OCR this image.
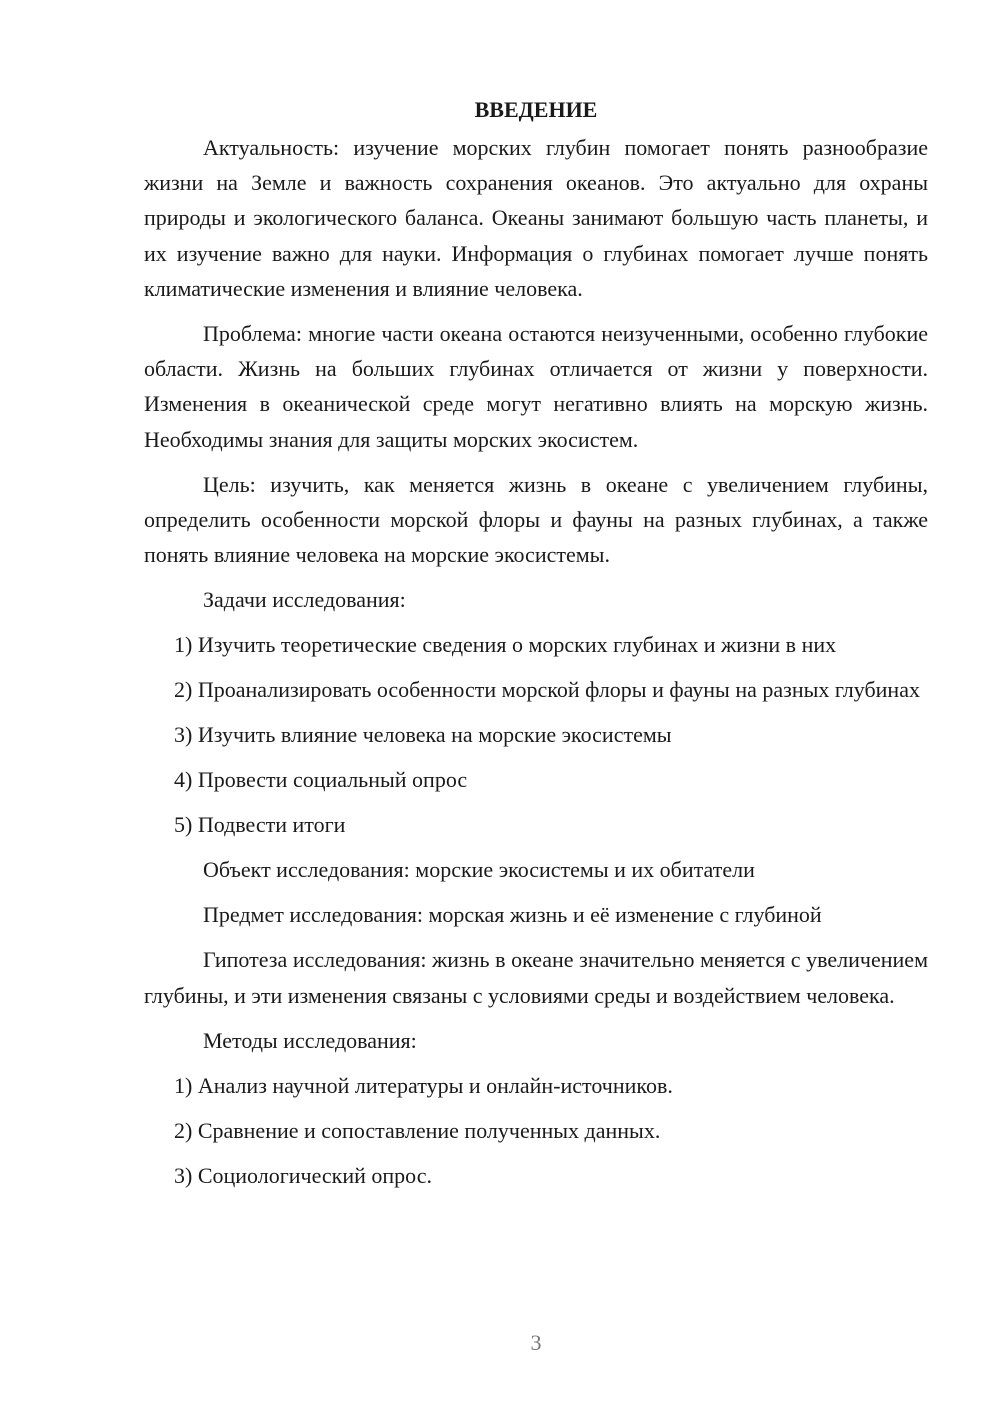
ВВЕДЕНИЕ
Актуальность: изучение морских глубин помогает понять разнообразие жизни на Земле и важность сохранения океанов. Это актуально для охраны природы и экологического баланса. Океаны занимают большую часть планеты, и их изучение важно для науки. Информация о глубинах помогает лучше понять климатические изменения и влияние человека.
Проблема: многие части океана остаются неизученными, особенно глубокие области. Жизнь на больших глубинах отличается от жизни у поверхности. Изменения в океанической среде могут негативно влиять на морскую жизнь. Необходимы знания для защиты морских экосистем.
Цель: изучить, как меняется жизнь в океане с увеличением глубины, определить особенности морской флоры и фауны на разных глубинах, а также понять влияние человека на морские экосистемы.
Задачи исследования:
1) Изучить теоретические сведения о морских глубинах и жизни в них
2) Проанализировать особенности морской флоры и фауны на разных глубинах
3) Изучить влияние человека на морские экосистемы
4) Провести социальный опрос
5) Подвести итоги
Объект исследования: морские экосистемы и их обитатели
Предмет исследования: морская жизнь и её изменение с глубиной
Гипотеза исследования: жизнь в океане значительно меняется с увеличением глубины, и эти изменения связаны с условиями среды и воздействием человека.
Методы исследования:
1) Анализ научной литературы и онлайн-источников.
2) Сравнение и сопоставление полученных данных.
3) Социологический опрос.
3
